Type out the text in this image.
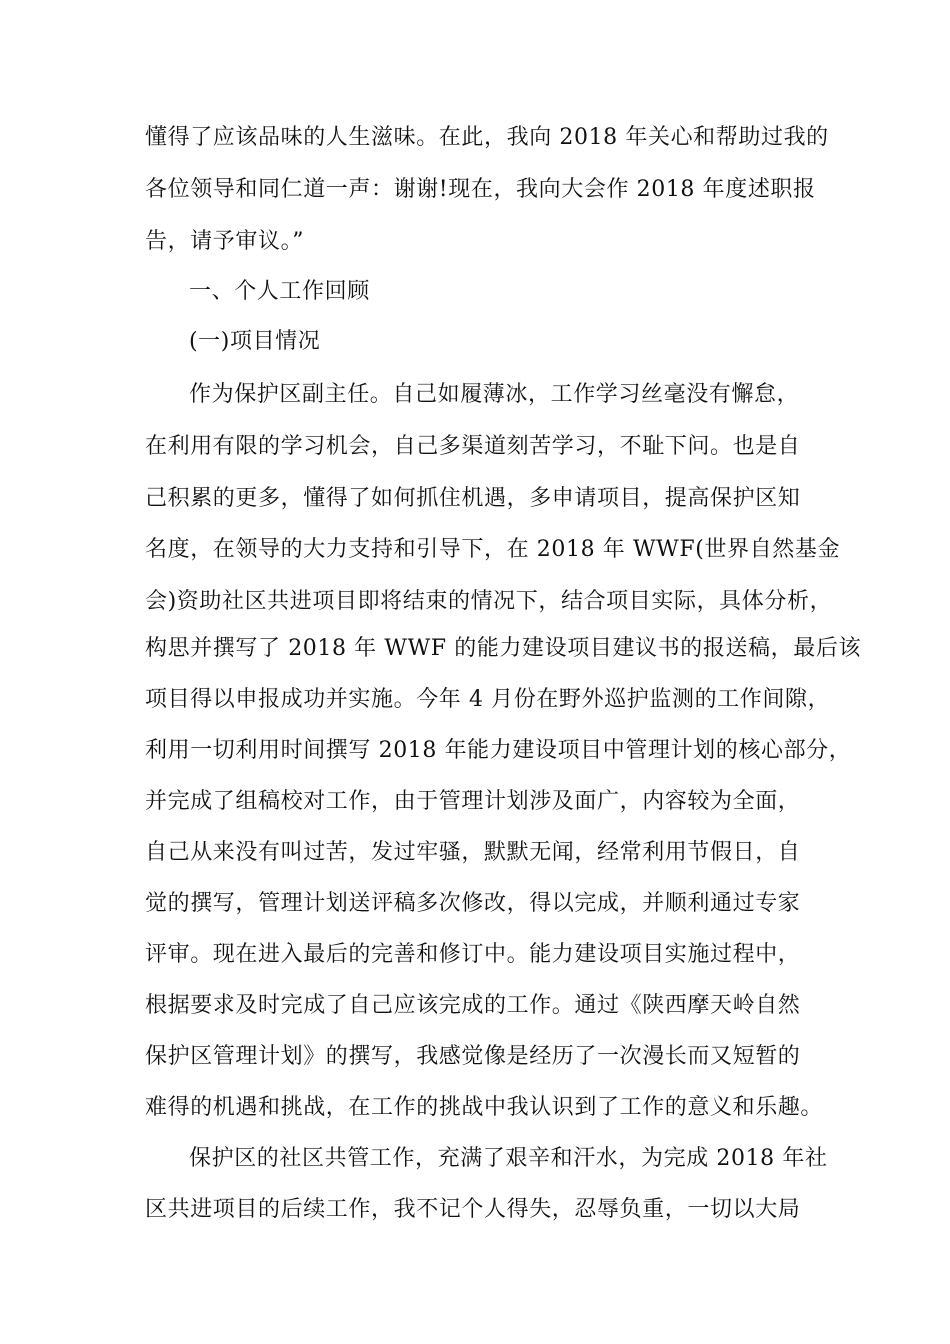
懂得了应该品味的人生滋味。在此，我向 2018 年关心和帮助过我的
各位领导和同仁道一声：谢谢!现在，我向大会作 2018 年度述职报
告，请予审议。”
一、个人工作回顾
(一)项目情况
作为保护区副主任。自己如履薄冰，工作学习丝毫没有懈怠，
在利用有限的学习机会，自己多渠道刻苦学习，不耻下问。也是自
己积累的更多，懂得了如何抓住机遇，多申请项目，提高保护区知
名度，在领导的大力支持和引导下，在 2018 年 WWF(世界自然基金
会)资助社区共进项目即将结束的情况下，结合项目实际，具体分析，
构思并撰写了 2018 年 WWF 的能力建设项目建议书的报送稿，最后该
项目得以申报成功并实施。今年 4 月份在野外巡护监测的工作间隙，
利用一切利用时间撰写 2018 年能力建设项目中管理计划的核心部分，
并完成了组稿校对工作，由于管理计划涉及面广，内容较为全面，
自己从来没有叫过苦，发过牢骚，默默无闻，经常利用节假日，自
觉的撰写，管理计划送评稿多次修改，得以完成，并顺利通过专家
评审。现在进入最后的完善和修订中。能力建设项目实施过程中，
根据要求及时完成了自己应该完成的工作。通过《陕西摩天岭自然
保护区管理计划》的撰写，我感觉像是经历了一次漫长而又短暂的
难得的机遇和挑战，在工作的挑战中我认识到了工作的意义和乐趣。
保护区的社区共管工作，充满了艰辛和汗水，为完成 2018 年社
区共进项目的后续工作，我不记个人得失，忍辱负重，一切以大局
